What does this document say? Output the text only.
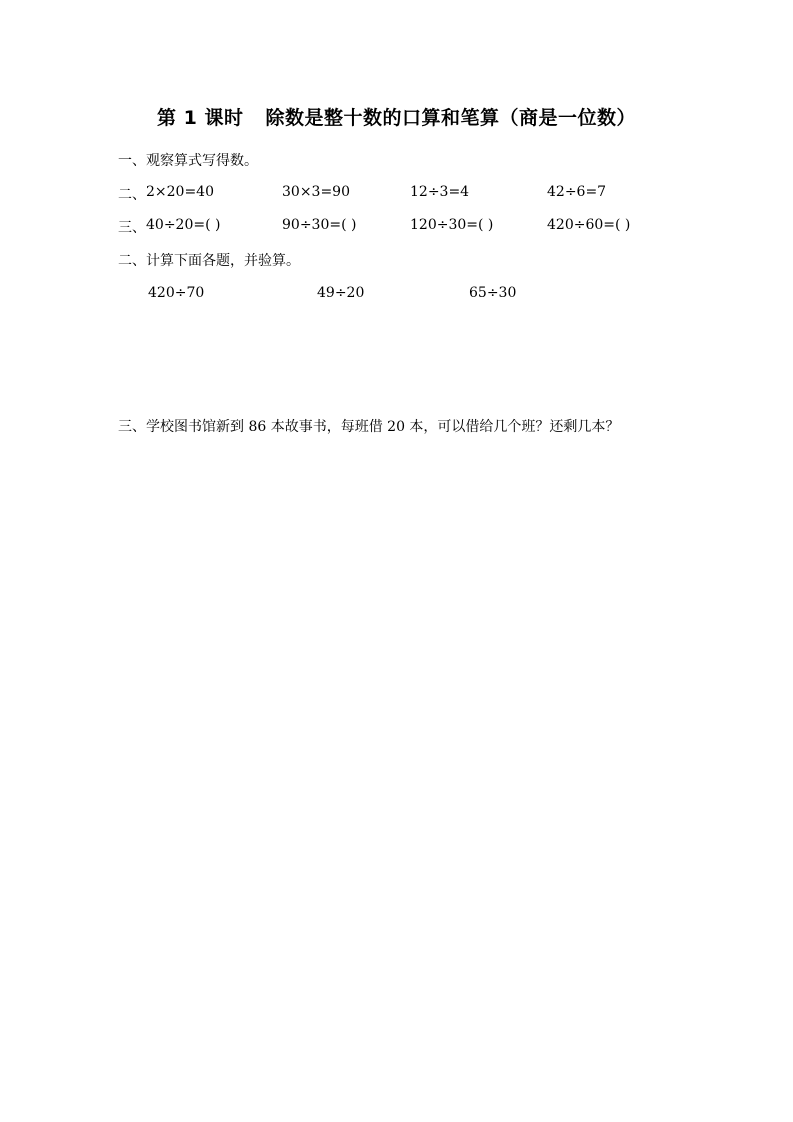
第 1 课时 除数是整十数的口算和笔算（商是一位数）
一、观察算式写得数。
二、 2×20=40	30×3=90	12÷3=4	42÷6=7
三、 40÷20=( )	90÷30=( )	120÷30=( )	420÷60=( )
二、计算下面各题，并验算。
420÷70	49÷20	65÷30
三、学校图书馆新到 86 本故事书，每班借 20 本，可以借给几个班？还剩几本？
